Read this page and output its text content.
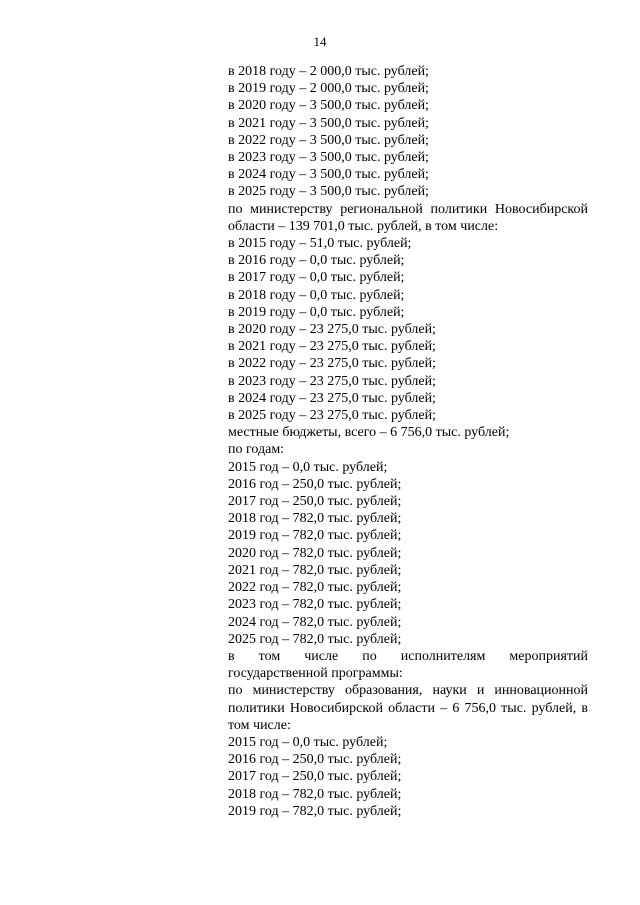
14
в 2018 году – 2 000,0 тыс. рублей;
в 2019 году – 2 000,0 тыс. рублей;
в 2020 году – 3 500,0 тыс. рублей;
в 2021 году – 3 500,0 тыс. рублей;
в 2022 году – 3 500,0 тыс. рублей;
в 2023 году – 3 500,0 тыс. рублей;
в 2024 году – 3 500,0 тыс. рублей;
в 2025 году – 3 500,0 тыс. рублей;
по министерству региональной политики Новосибирской области – 139 701,0 тыс. рублей, в том числе:
в 2015 году – 51,0 тыс. рублей;
в 2016 году – 0,0 тыс. рублей;
в 2017 году – 0,0 тыс. рублей;
в 2018 году – 0,0 тыс. рублей;
в 2019 году – 0,0 тыс. рублей;
в 2020 году – 23 275,0 тыс. рублей;
в 2021 году – 23 275,0 тыс. рублей;
в 2022 году – 23 275,0 тыс. рублей;
в 2023 году – 23 275,0 тыс. рублей;
в 2024 году – 23 275,0 тыс. рублей;
в 2025 году – 23 275,0 тыс. рублей;
местные бюджеты, всего – 6 756,0 тыс. рублей;
по годам:
2015 год – 0,0 тыс. рублей;
2016 год – 250,0 тыс. рублей;
2017 год – 250,0 тыс. рублей;
2018 год – 782,0 тыс. рублей;
2019 год – 782,0 тыс. рублей;
2020 год – 782,0 тыс. рублей;
2021 год – 782,0 тыс. рублей;
2022 год – 782,0 тыс. рублей;
2023 год – 782,0 тыс. рублей;
2024 год – 782,0 тыс. рублей;
2025 год – 782,0 тыс. рублей;
в том числе по исполнителям мероприятий государственной программы:
по министерству образования, науки и инновационной политики Новосибирской области – 6 756,0 тыс. рублей, в том числе:
2015 год – 0,0 тыс. рублей;
2016 год – 250,0 тыс. рублей;
2017 год – 250,0 тыс. рублей;
2018 год – 782,0 тыс. рублей;
2019 год – 782,0 тыс. рублей;
